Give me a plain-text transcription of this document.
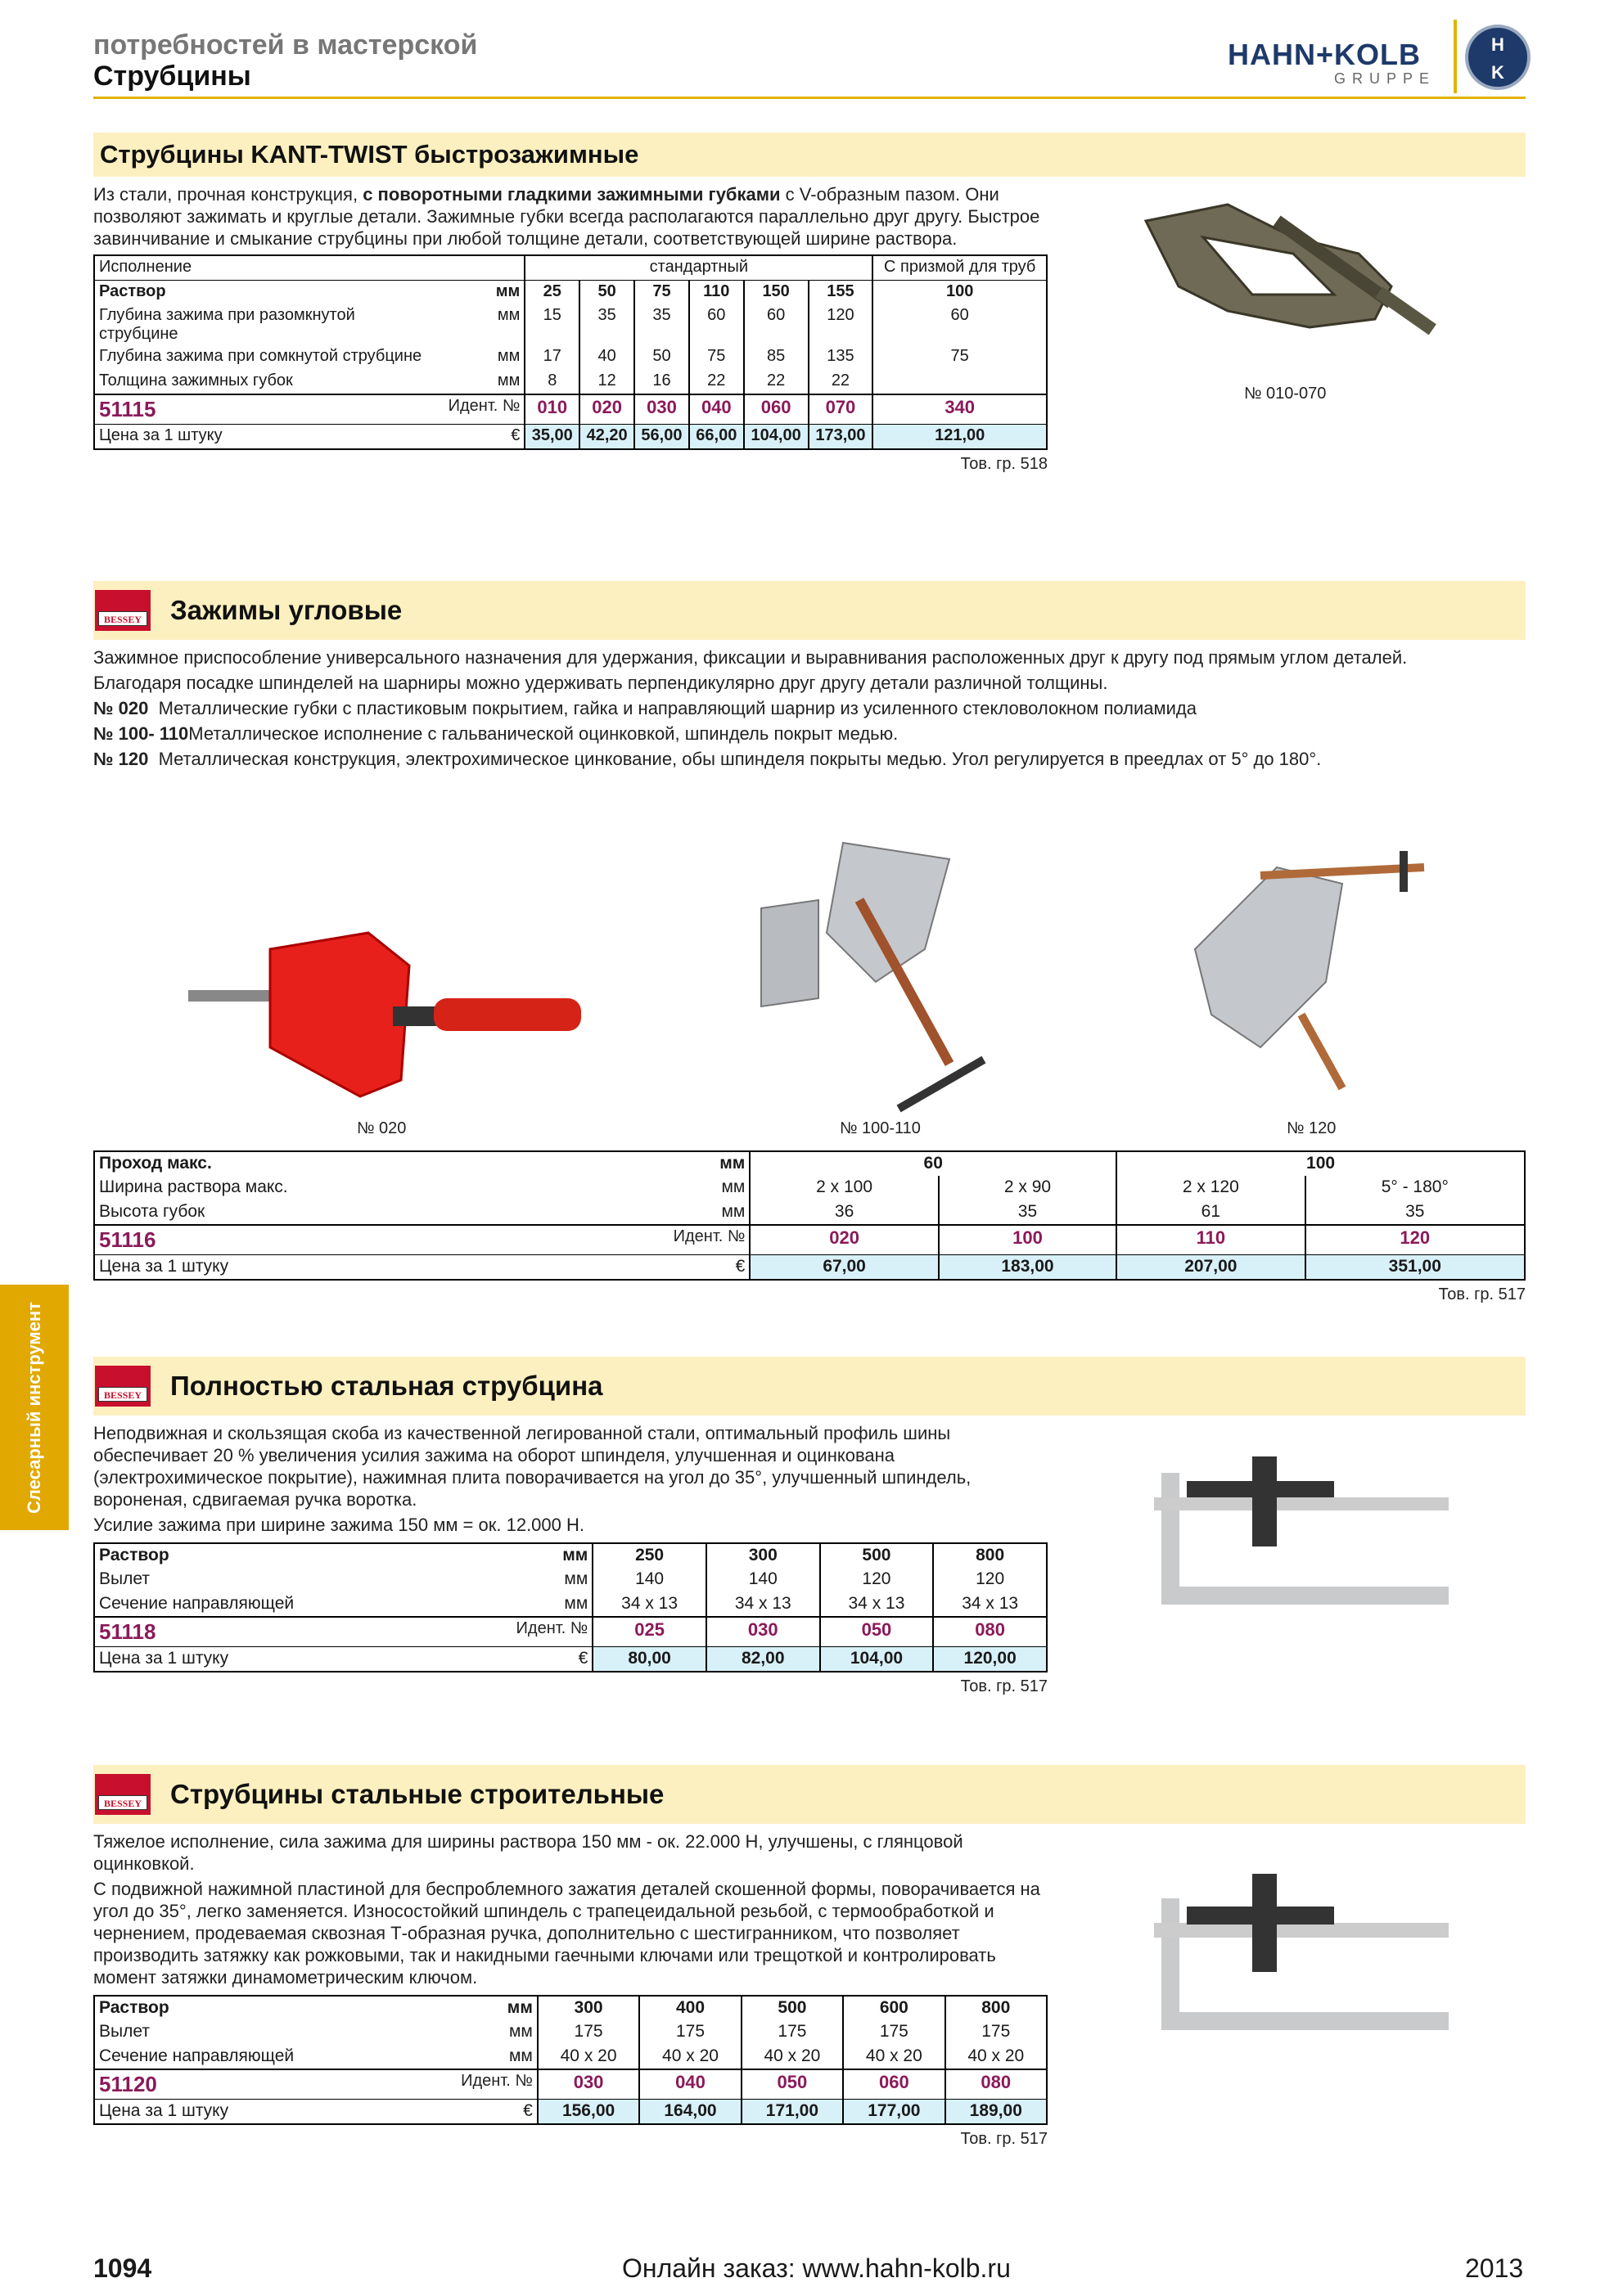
потребностей в мастерской
Струбцины
HAHN+KOLB
GRUPPE
H
K
Струбцины KANT-TWIST быстрозажимные
Из стали, прочная конструкция, с поворотными гладкими зажимными губками с V-образным пазом. Они позволяют зажимать и круглые детали. Зажимные губки всегда располагаются параллельно друг другу. Быстрое завинчивание и смыкание струбцины при любой толщине детали, соответствующей ширине раствора.
Исполнение		стандартный						С призмой для труб
Раствор	мм	25	50	75	110	150	155	100
Глубина зажима при разомкнутой струбцине	мм	15	35	35	60	60	120	60
Глубина зажима при сомкнутой струбцине	мм	17	40	50	75	85	135	75
Толщина зажимных губок	мм	8	12	16	22	22	22	
51115	Идент. №	010	020	030	040	060	070	340
Цена за 1 штуку	€	35,00	42,20	56,00	66,00	104,00	173,00	121,00
Тов. гр. 518
№ 010-070
BESSEY Зажимы угловые
Зажимное приспособление универсального назначения для удержания, фиксации и выравнивания расположенных друг к другу под прямым углом деталей.
Благодаря посадке шпинделей на шарниры можно удерживать перпендикулярно друг другу детали различной толщины.
№ 020 Металлические губки с пластиковым покрытием, гайка и направляющий шарнир из усиленного стекловолокном полиамида
№ 100- 110Металлическое исполнение с гальванической оцинковкой, шпиндель покрыт медью.
№ 120 Металлическая конструкция, электрохимическое цинкование, обы шпинделя покрыты медью. Угол регулируется в преедлах от 5° до 180°.
№ 020	№ 100-110	№ 120
Проход макс.	мм	60		100	
Ширина раствора макс.	мм	2 x 100	2 x 90	2 x 120	5° - 180°
Высота губок	мм	36	35	61	35
51116	Идент. №	020	100	110	120
Цена за 1 штуку	€	67,00	183,00	207,00	351,00
Тов. гр. 517
BESSEY Полностью стальная струбцина
Неподвижная и скользящая скоба из качественной легированной стали, оптимальный профиль шины обеспечивает 20 % увеличения усилия зажима на оборот шпинделя, улучшенная и оцинкована (электрохимическое покрытие), нажимная плита поворачивается на угол до 35°, улучшенный шпиндель, вороненая, сдвигаемая ручка воротка.
Усилие зажима при ширине зажима 150 мм = ок. 12.000 Н.
Раствор	мм	250	300	500	800
Вылет	мм	140	140	120	120
Сечение направляющей	мм	34 x 13	34 x 13	34 x 13	34 x 13
51118	Идент. №	025	030	050	080
Цена за 1 штуку	€	80,00	82,00	104,00	120,00
Тов. гр. 517
BESSEY Струбцины стальные строительные
Тяжелое исполнение, сила зажима для ширины раствора 150 мм - ок. 22.000 Н, улучшены, с глянцовой оцинковкой.
С подвижной нажимной пластиной для беспроблемного зажатия деталей скошенной формы, поворачивается на угол до 35°, легко заменяется. Износостойкий шпиндель с трапецеидальной резьбой, с термообработкой и чернением, продеваемая сквозная Т-образная ручка, дополнительно с шестигранником, что позволяет производить затяжку как рожковыми, так и накидными гаечными ключами или трещоткой и контролировать момент затяжки динамометрическим ключом.
Раствор	мм	300	400	500	600	800
Вылет	мм	175	175	175	175	175
Сечение направляющей	мм	40 x 20	40 x 20	40 x 20	40 x 20	40 x 20
51120	Идент. №	030	040	050	060	080
Цена за 1 штуку	€	156,00	164,00	171,00	177,00	189,00
Тов. гр. 517
Слесарный инструмент
1094	Онлайн заказ: www.hahn-kolb.ru	2013
